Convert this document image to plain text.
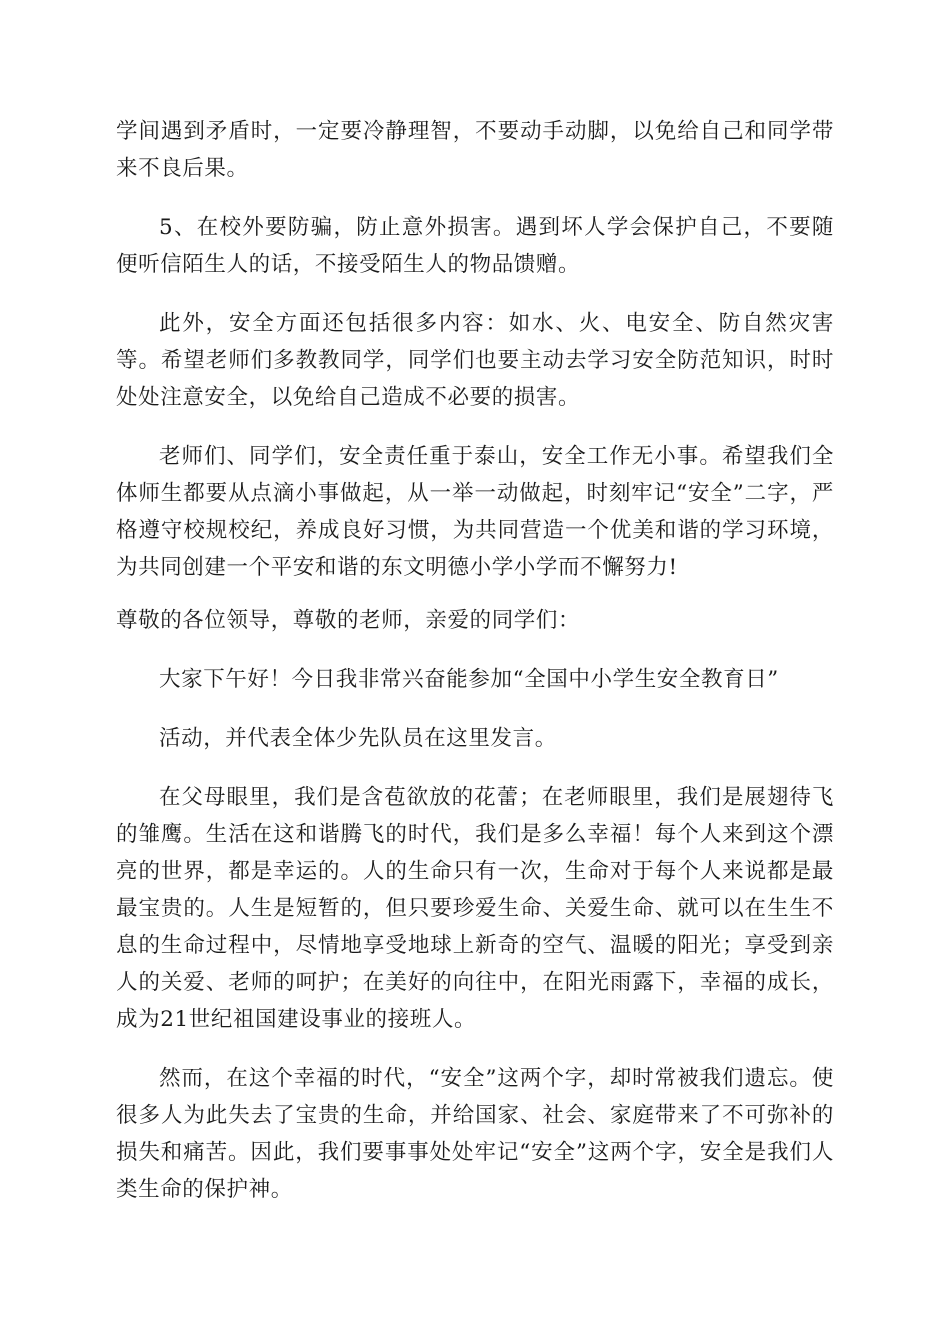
学间遇到矛盾时，一定要冷静理智，不要动手动脚，以免给自己和同学带来不良后果。

5、在校外要防骗，防止意外损害。遇到坏人学会保护自己，不要随便听信陌生人的话，不接受陌生人的物品馈赠。

此外，安全方面还包括很多内容：如水、火、电安全、防自然灾害等。希望老师们多教教同学，同学们也要主动去学习安全防范知识，时时处处注意安全，以免给自己造成不必要的损害。

老师们、同学们，安全责任重于泰山，安全工作无小事。希望我们全体师生都要从点滴小事做起，从一举一动做起，时刻牢记“安全”二字，严格遵守校规校纪，养成良好习惯，为共同营造一个优美和谐的学习环境，为共同创建一个平安和谐的东文明德小学小学而不懈努力!

尊敬的各位领导，尊敬的老师，亲爱的同学们：

大家下午好！今日我非常兴奋能参加“全国中小学生安全教育日”

活动，并代表全体少先队员在这里发言。

在父母眼里，我们是含苞欲放的花蕾；在老师眼里，我们是展翅待飞的雏鹰。生活在这和谐腾飞的时代，我们是多么幸福！每个人来到这个漂亮的世界，都是幸运的。人的生命只有一次，生命对于每个人来说都是最最宝贵的。人生是短暂的，但只要珍爱生命、关爱生命、就可以在生生不息的生命过程中，尽情地享受地球上新奇的空气、温暖的阳光；享受到亲人的关爱、老师的呵护；在美好的向往中，在阳光雨露下，幸福的成长，成为21世纪祖国建设事业的接班人。

然而，在这个幸福的时代，“安全”这两个字，却时常被我们遗忘。使很多人为此失去了宝贵的生命，并给国家、社会、家庭带来了不可弥补的损失和痛苦。因此，我们要事事处处牢记“安全”这两个字，安全是我们人类生命的保护神。
